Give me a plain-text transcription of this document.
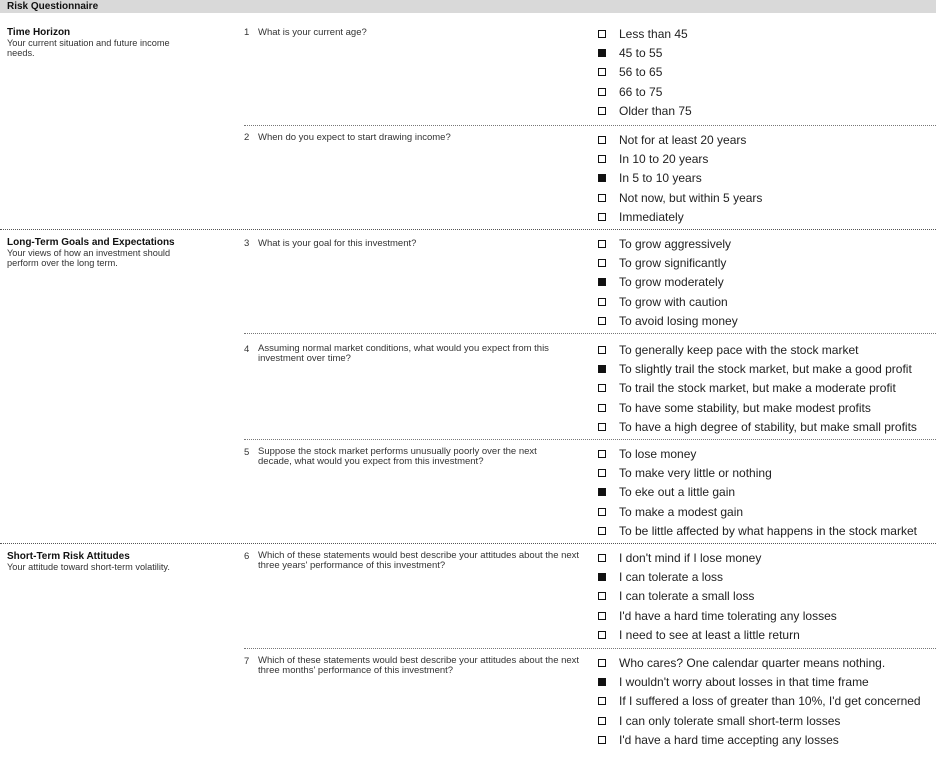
Risk Questionnaire
Time Horizon
Your current situation and future income needs.
1 What is your current age?	Less than 45
45 to 55
56 to 65
66 to 75
Older than 75
2 When do you expect to start drawing income?	Not for at least 20 years
In 10 to 20 years
In 5 to 10 years
Not now, but within 5 years
Immediately
Long-Term Goals and Expectations
Your views of how an investment should perform over the long term.
3 What is your goal for this investment?	To grow aggressively
To grow significantly
To grow moderately
To grow with caution
To avoid losing money
4 Assuming normal market conditions, what would you expect from this investment over time?
To generally keep pace with the stock market
To slightly trail the stock market, but make a good profit
To trail the stock market, but make a moderate profit
To have some stability, but make modest profits
To have a high degree of stability, but make small profits
5 Suppose the stock market performs unusually poorly over the next decade, what would you expect from this investment?
To lose money
To make very little or nothing
To eke out a little gain
To make a modest gain
To be little affected by what happens in the stock market
Short-Term Risk Attitudes
Your attitude toward short-term volatility.
6 Which of these statements would best describe your attitudes about the next three years' performance of this investment?
I don't mind if I lose money
I can tolerate a loss
I can tolerate a small loss
I'd have a hard time tolerating any losses
I need to see at least a little return
7 Which of these statements would best describe your attitudes about the next three months' performance of this investment?
Who cares? One calendar quarter means nothing.
I wouldn't worry about losses in that time frame
If I suffered a loss of greater than 10%, I'd get concerned
I can only tolerate small short-term losses
I'd have a hard time accepting any losses
